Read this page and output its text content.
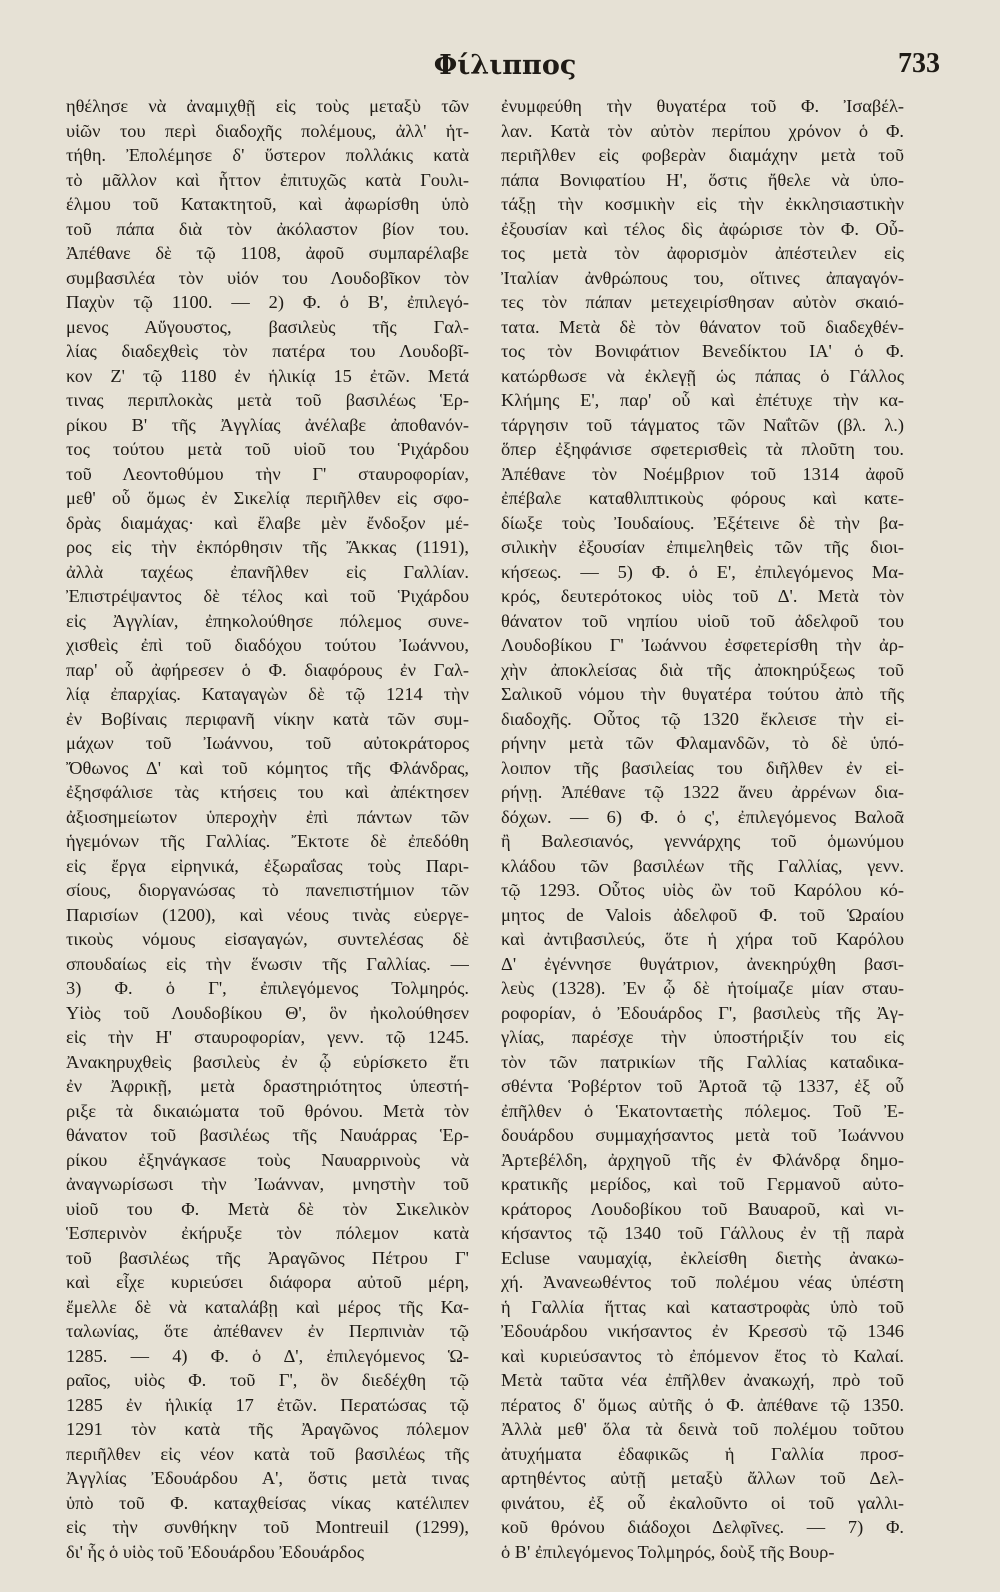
Φίλιππος	733
ηθέλησε νὰ ἀναμιχθῇ εἰς τοὺς μεταξὺ τῶν
υἱῶν του περὶ διαδοχῆς πολέμους, ἀλλ' ἡτ-
τήθη. Ἐπολέμησε δ' ὕστερον πολλάκις κατὰ
τὸ μᾶλλον καὶ ἧττον ἐπιτυχῶς κατὰ Γουλι-
έλμου τοῦ Κατακτητοῦ, καὶ ἀφωρίσθη ὑπὸ
τοῦ πάπα διὰ τὸν ἀκόλαστον βίον του.
Ἀπέθανε δὲ τῷ 1108, ἀφοῦ συμπαρέλαβε
συμβασιλέα τὸν υἱόν του Λουδοβῖκον τὸν
Παχὺν τῷ 1100. — 2) Φ. ὁ Β', ἐπιλεγό-
μενος Αὔγουστος, βασιλεὺς τῆς Γαλ-
λίας διαδεχθεὶς τὸν πατέρα του Λουδοβῖ-
κον Ζ' τῷ 1180 ἐν ἡλικίᾳ 15 ἐτῶν. Μετά
τινας περιπλοκὰς μετὰ τοῦ βασιλέως Ἑρ-
ρίκου Β' τῆς Ἀγγλίας ἀνέλαβε ἀποθανόν-
τος τούτου μετὰ τοῦ υἱοῦ του Ῥιχάρδου
τοῦ Λεοντοθύμου τὴν Γ' σταυροφορίαν,
μεθ' οὗ ὅμως ἐν Σικελίᾳ περιῆλθεν εἰς σφο-
δρὰς διαμάχας· καὶ ἔλαβε μὲν ἔνδοξον μέ-
ρος εἰς τὴν ἐκπόρθησιν τῆς Ἄκκας (1191),
ἀλλὰ ταχέως ἐπανῆλθεν εἰς Γαλλίαν.
Ἐπιστρέψαντος δὲ τέλος καὶ τοῦ Ῥιχάρδου
εἰς Ἀγγλίαν, ἐπηκολούθησε πόλεμος συνε-
χισθεὶς ἐπὶ τοῦ διαδόχου τούτου Ἰωάννου,
παρ' οὗ ἀφήρεσεν ὁ Φ. διαφόρους ἐν Γαλ-
λίᾳ ἐπαρχίας. Καταγαγὼν δὲ τῷ 1214 τὴν
ἐν Βοβίναις περιφανῆ νίκην κατὰ τῶν συμ-
μάχων τοῦ Ἰωάννου, τοῦ αὐτοκράτορος
Ὄθωνος Δ' καὶ τοῦ κόμητος τῆς Φλάνδρας,
ἐξησφάλισε τὰς κτήσεις του καὶ ἀπέκτησεν
ἀξιοσημείωτον ὑπεροχὴν ἐπὶ πάντων τῶν
ἡγεμόνων τῆς Γαλλίας. Ἔκτοτε δὲ ἐπεδόθη
εἰς ἔργα εἰρηνικά, ἐξωραΐσας τοὺς Παρι-
σίους, διοργανώσας τὸ πανεπιστήμιον τῶν
Παρισίων (1200), καὶ νέους τινὰς εὐεργε-
τικοὺς νόμους εἰσαγαγών, συντελέσας δὲ
σπουδαίως εἰς τὴν ἕνωσιν τῆς Γαλλίας. —
3) Φ. ὁ Γ', ἐπιλεγόμενος Τολμηρός.
Υἱὸς τοῦ Λουδοβίκου Θ', ὃν ἠκολούθησεν
εἰς τὴν Η' σταυροφορίαν, γενν. τῷ 1245.
Ἀνακηρυχθεὶς βασιλεὺς ἐν ᾧ εὑρίσκετο ἔτι
ἐν Ἀφρικῇ, μετὰ δραστηριότητος ὑπεστή-
ριξε τὰ δικαιώματα τοῦ θρόνου. Μετὰ τὸν
θάνατον τοῦ βασιλέως τῆς Ναυάρρας Ἑρ-
ρίκου ἐξηνάγκασε τοὺς Ναυαρρινοὺς νὰ
ἀναγνωρίσωσι τὴν Ἰωάνναν, μνηστὴν τοῦ
υἱοῦ του Φ. Μετὰ δὲ τὸν Σικελικὸν
Ἑσπερινὸν ἐκήρυξε τὸν πόλεμον κατὰ
τοῦ βασιλέως τῆς Ἀραγῶνος Πέτρου Γ'
καὶ εἶχε κυριεύσει διάφορα αὐτοῦ μέρη,
ἔμελλε δὲ νὰ καταλάβῃ καὶ μέρος τῆς Κα-
ταλωνίας, ὅτε ἀπέθανεν ἐν Περπινιὰν τῷ
1285. — 4) Φ. ὁ Δ', ἐπιλεγόμενος Ὡ-
ραῖος, υἱὸς Φ. τοῦ Γ', ὃν διεδέχθη τῷ
1285 ἐν ἡλικίᾳ 17 ἐτῶν. Περατώσας τῷ
1291 τὸν κατὰ τῆς Ἀραγῶνος πόλεμον
περιῆλθεν εἰς νέον κατὰ τοῦ βασιλέως τῆς
Ἀγγλίας Ἐδουάρδου Α', ὅστις μετὰ τινας
ὑπὸ τοῦ Φ. καταχθείσας νίκας κατέλιπεν
εἰς τὴν συνθήκην τοῦ Montreuil (1299),
δι' ἧς ὁ υἱὸς τοῦ Ἐδουάρδου Ἐδουάρδος
ἐνυμφεύθη τὴν θυγατέρα τοῦ Φ. Ἰσαβέλ-
λαν. Κατὰ τὸν αὐτὸν περίπου χρόνον ὁ Φ.
περιῆλθεν εἰς φοβερὰν διαμάχην μετὰ τοῦ
πάπα Βονιφατίου Η', ὅστις ἤθελε νὰ ὑπο-
τάξῃ τὴν κοσμικὴν εἰς τὴν ἐκκλησιαστικὴν
ἐξουσίαν καὶ τέλος δὶς ἀφώρισε τὸν Φ. Οὗ-
τος μετὰ τὸν ἀφορισμὸν ἀπέστειλεν εἰς
Ἰταλίαν ἀνθρώπους του, οἵτινες ἀπαγαγόν-
τες τὸν πάπαν μετεχειρίσθησαν αὐτὸν σκαιό-
τατα. Μετὰ δὲ τὸν θάνατον τοῦ διαδεχθέν-
τος τὸν Βονιφάτιον Βενεδίκτου ΙΑ' ὁ Φ.
κατώρθωσε νὰ ἐκλεγῇ ὡς πάπας ὁ Γάλλος
Κλήμης Ε', παρ' οὗ καὶ ἐπέτυχε τὴν κα-
τάργησιν τοῦ τάγματος τῶν Ναΐτῶν (βλ. λ.)
ὅπερ ἐξηφάνισε σφετερισθεὶς τὰ πλοῦτη του.
Ἀπέθανε τὸν Νοέμβριον τοῦ 1314 ἀφοῦ
ἐπέβαλε καταθλιπτικοὺς φόρους καὶ κατε-
δίωξε τοὺς Ἰουδαίους. Ἐξέτεινε δὲ τὴν βα-
σιλικὴν ἐξουσίαν ἐπιμεληθεὶς τῶν τῆς διοι-
κήσεως. — 5) Φ. ὁ Ε', ἐπιλεγόμενος Μα-
κρός, δευτερότοκος υἱὸς τοῦ Δ'. Μετὰ τὸν
θάνατον τοῦ νηπίου υἱοῦ τοῦ ἀδελφοῦ του
Λουδοβίκου Γ' Ἰωάννου ἐσφετερίσθη τὴν ἀρ-
χὴν ἀποκλείσας διὰ τῆς ἀποκηρύξεως τοῦ
Σαλικοῦ νόμου τὴν θυγατέρα τούτου ἀπὸ τῆς
διαδοχῆς. Οὗτος τῷ 1320 ἔκλεισε τὴν εἰ-
ρήνην μετὰ τῶν Φλαμανδῶν, τὸ δὲ ὑπό-
λοιπον τῆς βασιλείας του διῆλθεν ἐν εἰ-
ρήνῃ. Ἀπέθανε τῷ 1322 ἄνευ ἀρρένων δια-
δόχων. — 6) Φ. ὁ ς', ἐπιλεγόμενος Βαλοᾶ
ἢ Βαλεσιανός, γεννάρχης τοῦ ὁμωνύμου
κλάδου τῶν βασιλέων τῆς Γαλλίας, γενν.
τῷ 1293. Οὗτος υἱὸς ὢν τοῦ Καρόλου κό-
μητος de Valois ἀδελφοῦ Φ. τοῦ Ὡραίου
καὶ ἀντιβασιλεύς, ὅτε ἡ χήρα τοῦ Καρόλου
Δ' ἐγέννησε θυγάτριον, ἀνεκηρύχθη βασι-
λεὺς (1328). Ἐν ᾧ δὲ ἡτοίμαζε μίαν σταυ-
ροφορίαν, ὁ Ἐδουάρδος Γ', βασιλεὺς τῆς Ἀγ-
γλίας, παρέσχε τὴν ὑποστήριξίν του εἰς
τὸν τῶν πατρικίων τῆς Γαλλίας καταδικα-
σθέντα Ῥοβέρτον τοῦ Ἀρτοᾶ τῷ 1337, ἐξ οὗ
ἐπῆλθεν ὁ Ἑκατονταετὴς πόλεμος. Τοῦ Ἐ-
δουάρδου συμμαχήσαντος μετὰ τοῦ Ἰωάννου
Ἀρτεβέλδη, ἀρχηγοῦ τῆς ἐν Φλάνδρᾳ δημο-
κρατικῆς μερίδος, καὶ τοῦ Γερμανοῦ αὐτο-
κράτορος Λουδοβίκου τοῦ Βαυαροῦ, καὶ νι-
κήσαντος τῷ 1340 τοῦ Γάλλους ἐν τῇ παρὰ
Ecluse ναυμαχίᾳ, ἐκλείσθη διετὴς ἀνακω-
χή. Ἀνανεωθέντος τοῦ πολέμου νέας ὑπέστη
ἡ Γαλλία ἥττας καὶ καταστροφὰς ὑπὸ τοῦ
Ἐδουάρδου νικήσαντος ἐν Κρεσσὺ τῷ 1346
καὶ κυριεύσαντος τὸ ἐπόμενον ἔτος τὸ Καλαί.
Μετὰ ταῦτα νέα ἐπῆλθεν ἀνακωχή, πρὸ τοῦ
πέρατος δ' ὅμως αὐτῆς ὁ Φ. ἀπέθανε τῷ 1350.
Ἀλλὰ μεθ' ὅλα τὰ δεινὰ τοῦ πολέμου τοῦτου
ἀτυχήματα ἐδαφικῶς ἡ Γαλλία προσ-
αρτηθέντος αὐτῇ μεταξὺ ἄλλων τοῦ Δελ-
φινάτου, ἐξ οὗ ἐκαλοῦντο οἱ τοῦ γαλλι-
κοῦ θρόνου διάδοχοι Δελφῖνες. — 7) Φ.
ὁ Β' ἐπιλεγόμενος Τολμηρός, δοὺξ τῆς Βουρ-
